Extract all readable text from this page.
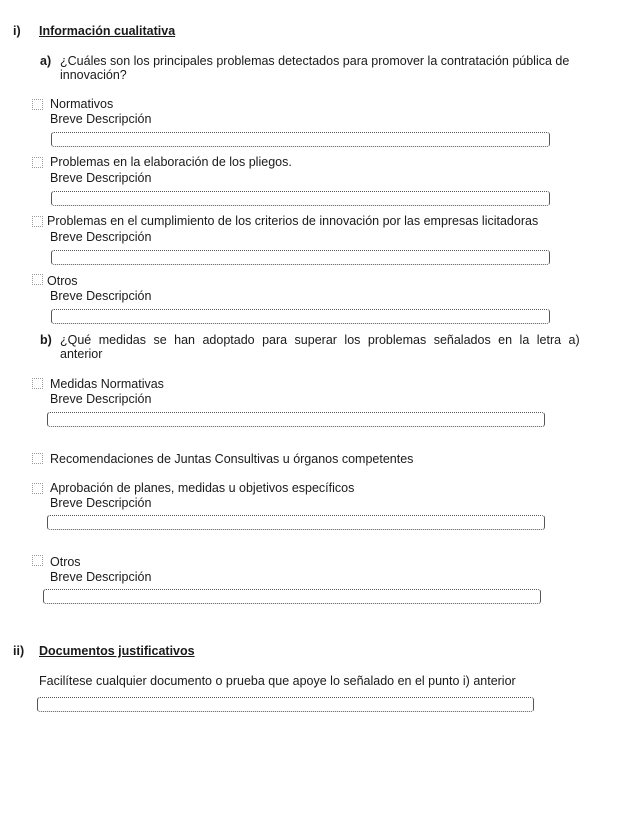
i) Información cualitativa
a) ¿Cuáles son los principales problemas detectados para promover la contratación pública de
innovación?
Normativos
Breve Descripción
Problemas en la elaboración de los pliegos.
Breve Descripción
Problemas en el cumplimiento de los criterios de innovación por las empresas licitadoras
Breve Descripción
Otros
Breve Descripción
b) ¿Qué medidas se han adoptado para superar los problemas señalados en la letra a)
anterior
Medidas Normativas
Breve Descripción
Recomendaciones de Juntas Consultivas u órganos competentes
Aprobación de planes, medidas u objetivos específicos
Breve Descripción
Otros
Breve Descripción
ii) Documentos justificativos
Facilítese cualquier documento o prueba que apoye lo señalado en el punto i) anterior
